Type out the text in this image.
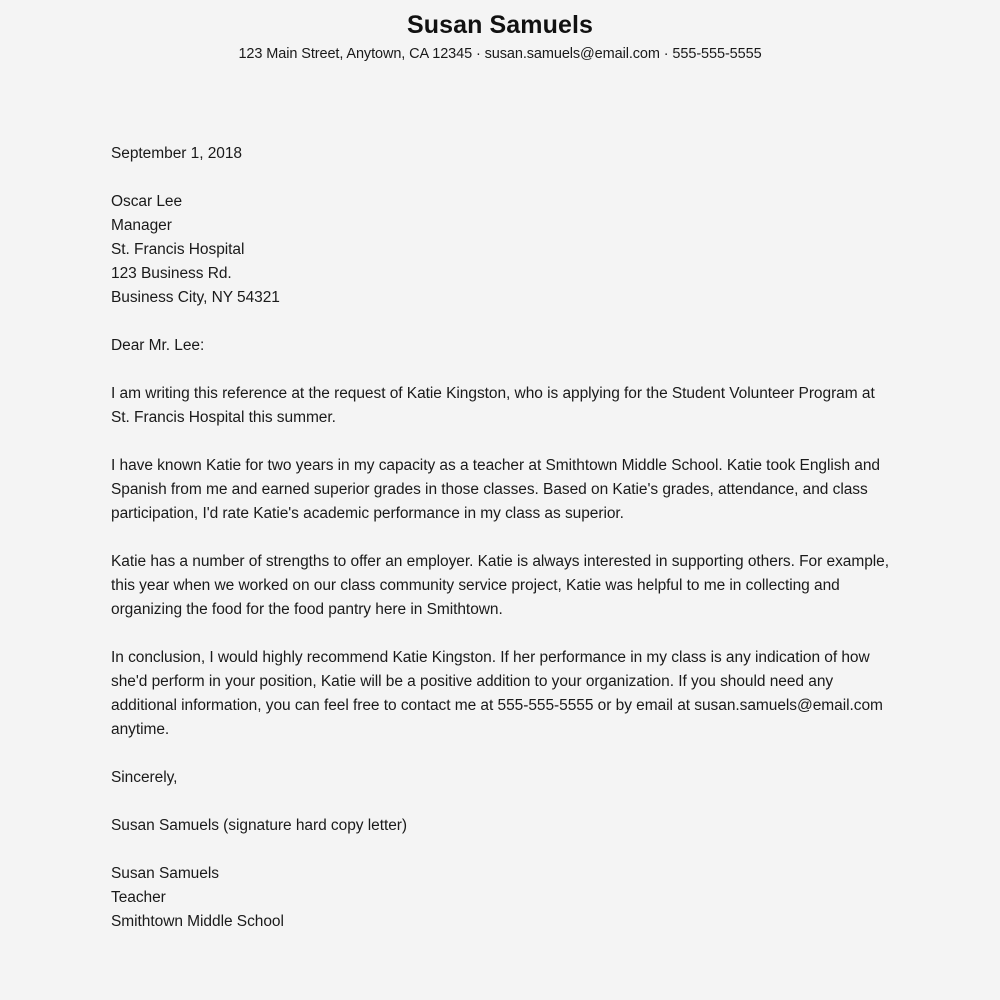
Susan Samuels
123 Main Street, Anytown, CA 12345 · susan.samuels@email.com · 555-555-5555
September 1, 2018
Oscar Lee
Manager
St. Francis Hospital
123 Business Rd.
Business City, NY 54321

Dear Mr. Lee:

I am writing this reference at the request of Katie Kingston, who is applying for the Student Volunteer Program at St. Francis Hospital this summer.

I have known Katie for two years in my capacity as a teacher at Smithtown Middle School. Katie took English and Spanish from me and earned superior grades in those classes. Based on Katie's grades, attendance, and class participation, I'd rate Katie's academic performance in my class as superior.

Katie has a number of strengths to offer an employer. Katie is always interested in supporting others. For example, this year when we worked on our class community service project, Katie was helpful to me in collecting and organizing the food for the food pantry here in Smithtown.

In conclusion, I would highly recommend Katie Kingston. If her performance in my class is any indication of how she'd perform in your position, Katie will be a positive addition to your organization. If you should need any additional information, you can feel free to contact me at 555-555-5555 or by email at susan.samuels@email.com anytime.

Sincerely,

Susan Samuels (signature hard copy letter)

Susan Samuels
Teacher
Smithtown Middle School
